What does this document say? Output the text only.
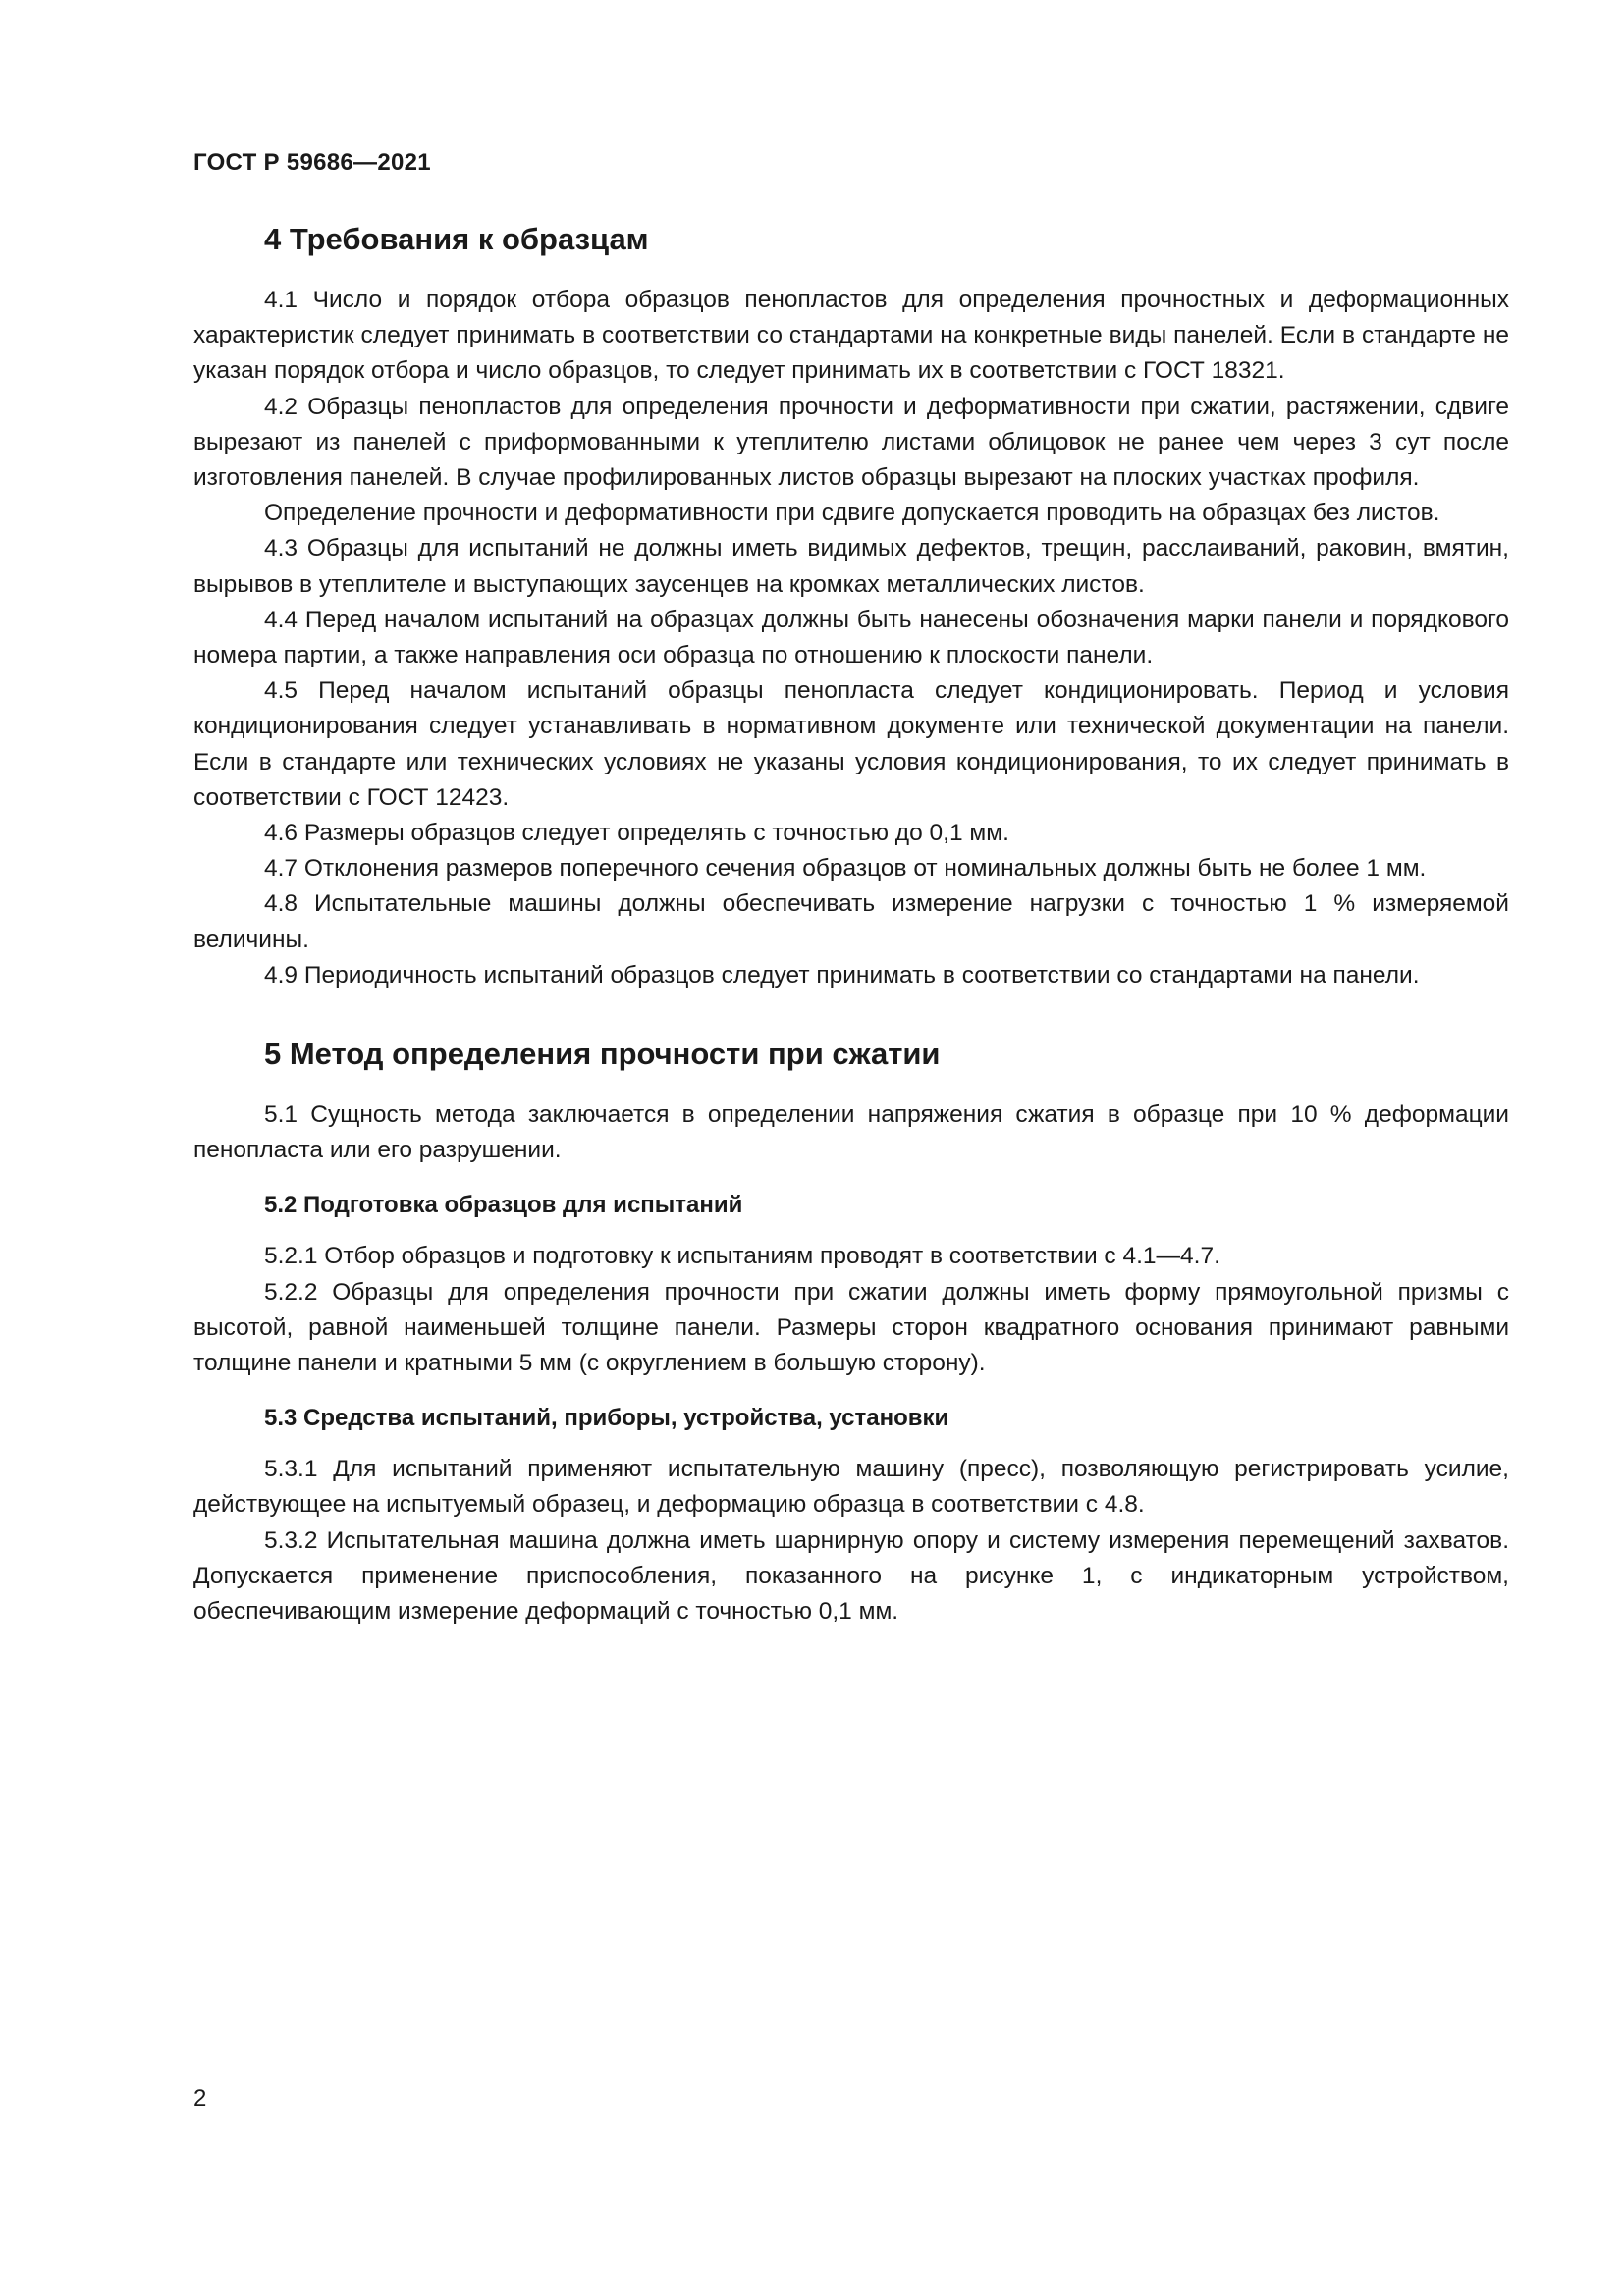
ГОСТ Р 59686—2021

4 Требования к образцам

4.1 Число и порядок отбора образцов пенопластов для определения прочностных и деформационных характеристик следует принимать в соответствии со стандартами на конкретные виды панелей. Если в стандарте не указан порядок отбора и число образцов, то следует принимать их в соответствии с ГОСТ 18321.

4.2 Образцы пенопластов для определения прочности и деформативности при сжатии, растяжении, сдвиге вырезают из панелей с приформованными к утеплителю листами облицовок не ранее чем через 3 сут после изготовления панелей. В случае профилированных листов образцы вырезают на плоских участках профиля.

Определение прочности и деформативности при сдвиге допускается проводить на образцах без листов.

4.3 Образцы для испытаний не должны иметь видимых дефектов, трещин, расслаиваний, раковин, вмятин, вырывов в утеплителе и выступающих заусенцев на кромках металлических листов.

4.4 Перед началом испытаний на образцах должны быть нанесены обозначения марки панели и порядкового номера партии, а также направления оси образца по отношению к плоскости панели.

4.5 Перед началом испытаний образцы пенопласта следует кондиционировать. Период и условия кондиционирования следует устанавливать в нормативном документе или технической документации на панели. Если в стандарте или технических условиях не указаны условия кондиционирования, то их следует принимать в соответствии с ГОСТ 12423.

4.6 Размеры образцов следует определять с точностью до 0,1 мм.

4.7 Отклонения размеров поперечного сечения образцов от номинальных должны быть не более 1 мм.

4.8 Испытательные машины должны обеспечивать измерение нагрузки с точностью 1 % измеряемой величины.

4.9 Периодичность испытаний образцов следует принимать в соответствии со стандартами на панели.

5 Метод определения прочности при сжатии

5.1 Сущность метода заключается в определении напряжения сжатия в образце при 10 % деформации пенопласта или его разрушении.

5.2 Подготовка образцов для испытаний

5.2.1 Отбор образцов и подготовку к испытаниям проводят в соответствии с 4.1—4.7.

5.2.2 Образцы для определения прочности при сжатии должны иметь форму прямоугольной призмы с высотой, равной наименьшей толщине панели. Размеры сторон квадратного основания принимают равными толщине панели и кратными 5 мм (с округлением в большую сторону).

5.3 Средства испытаний, приборы, устройства, установки

5.3.1 Для испытаний применяют испытательную машину (пресс), позволяющую регистрировать усилие, действующее на испытуемый образец, и деформацию образца в соответствии с 4.8.

5.3.2 Испытательная машина должна иметь шарнирную опору и систему измерения перемещений захватов. Допускается применение приспособления, показанного на рисунке 1, с индикаторным устройством, обеспечивающим измерение деформаций с точностью 0,1 мм.

2
